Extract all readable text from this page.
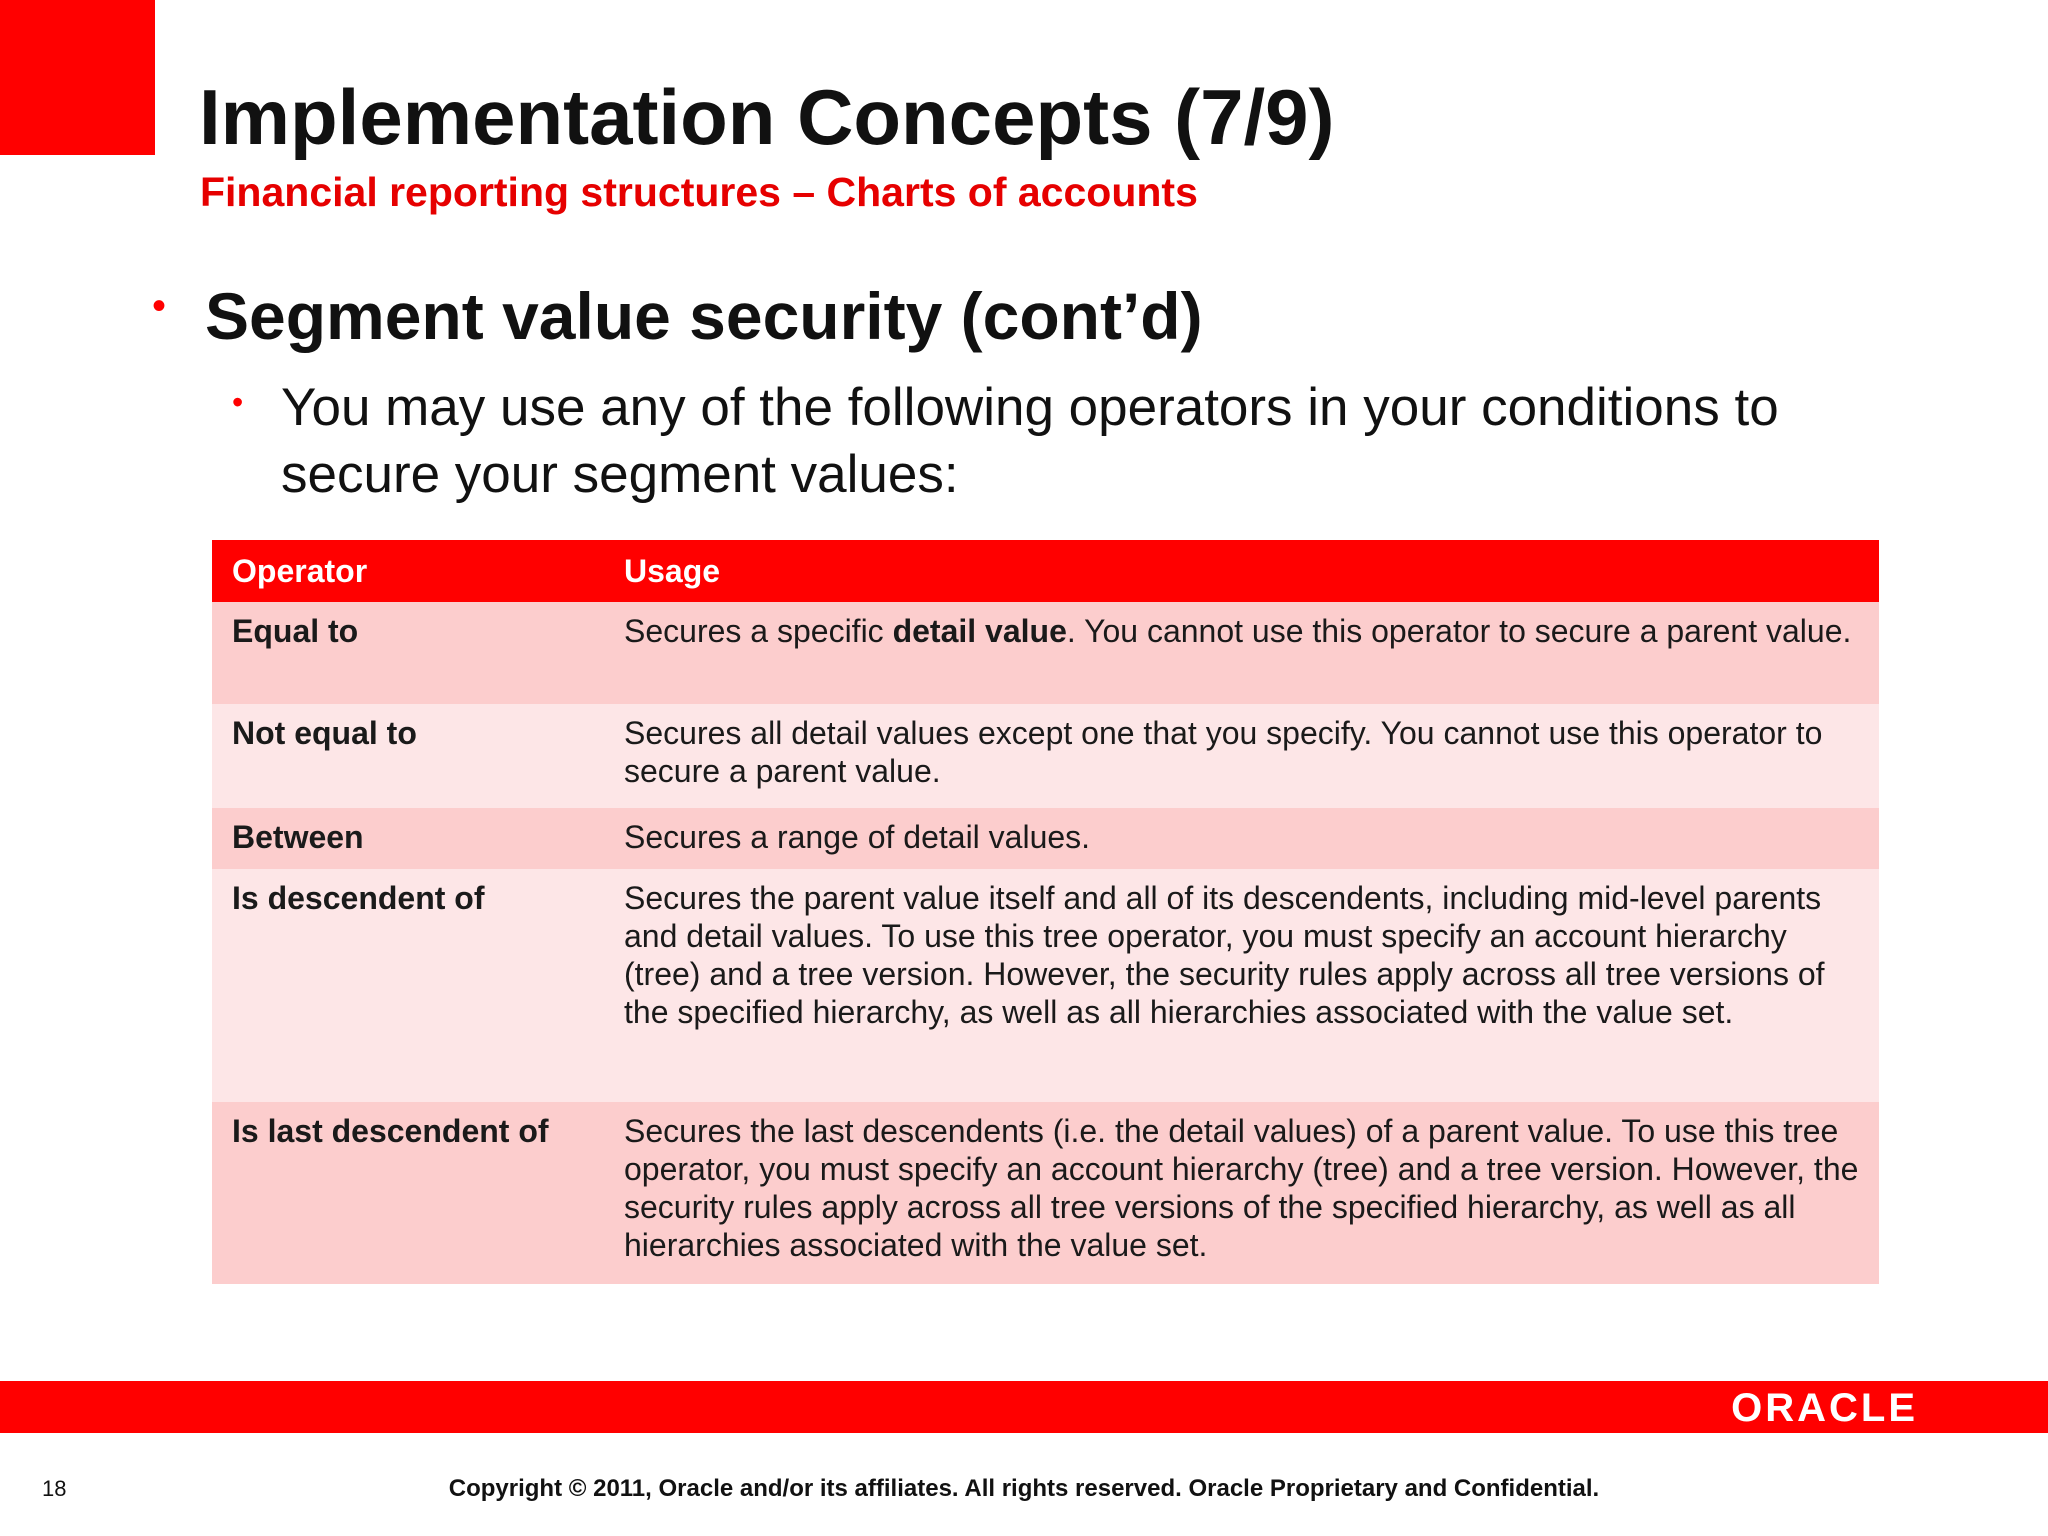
Implementation Concepts (7/9)
Financial reporting structures – Charts of accounts
• Segment value security (cont’d)
• You may use any of the following operators in your conditions to secure your segment values:
Operator	Usage
Equal to	Secures a specific detail value. You cannot use this operator to secure a parent value.
Not equal to	Secures all detail values except one that you specify. You cannot use this operator to secure a parent value.
Between	Secures a range of detail values.
Is descendent of	Secures the parent value itself and all of its descendents, including mid-level parents and detail values. To use this tree operator, you must specify an account hierarchy (tree) and a tree version. However, the security rules apply across all tree versions of the specified hierarchy, as well as all hierarchies associated with the value set.
Is last descendent of	Secures the last descendents (i.e. the detail values) of a parent value. To use this tree operator, you must specify an account hierarchy (tree) and a tree version. However, the security rules apply across all tree versions of the specified hierarchy, as well as all hierarchies associated with the value set.
ORACLE
18	Copyright © 2011, Oracle and/or its affiliates. All rights reserved. Oracle Proprietary and Confidential.
